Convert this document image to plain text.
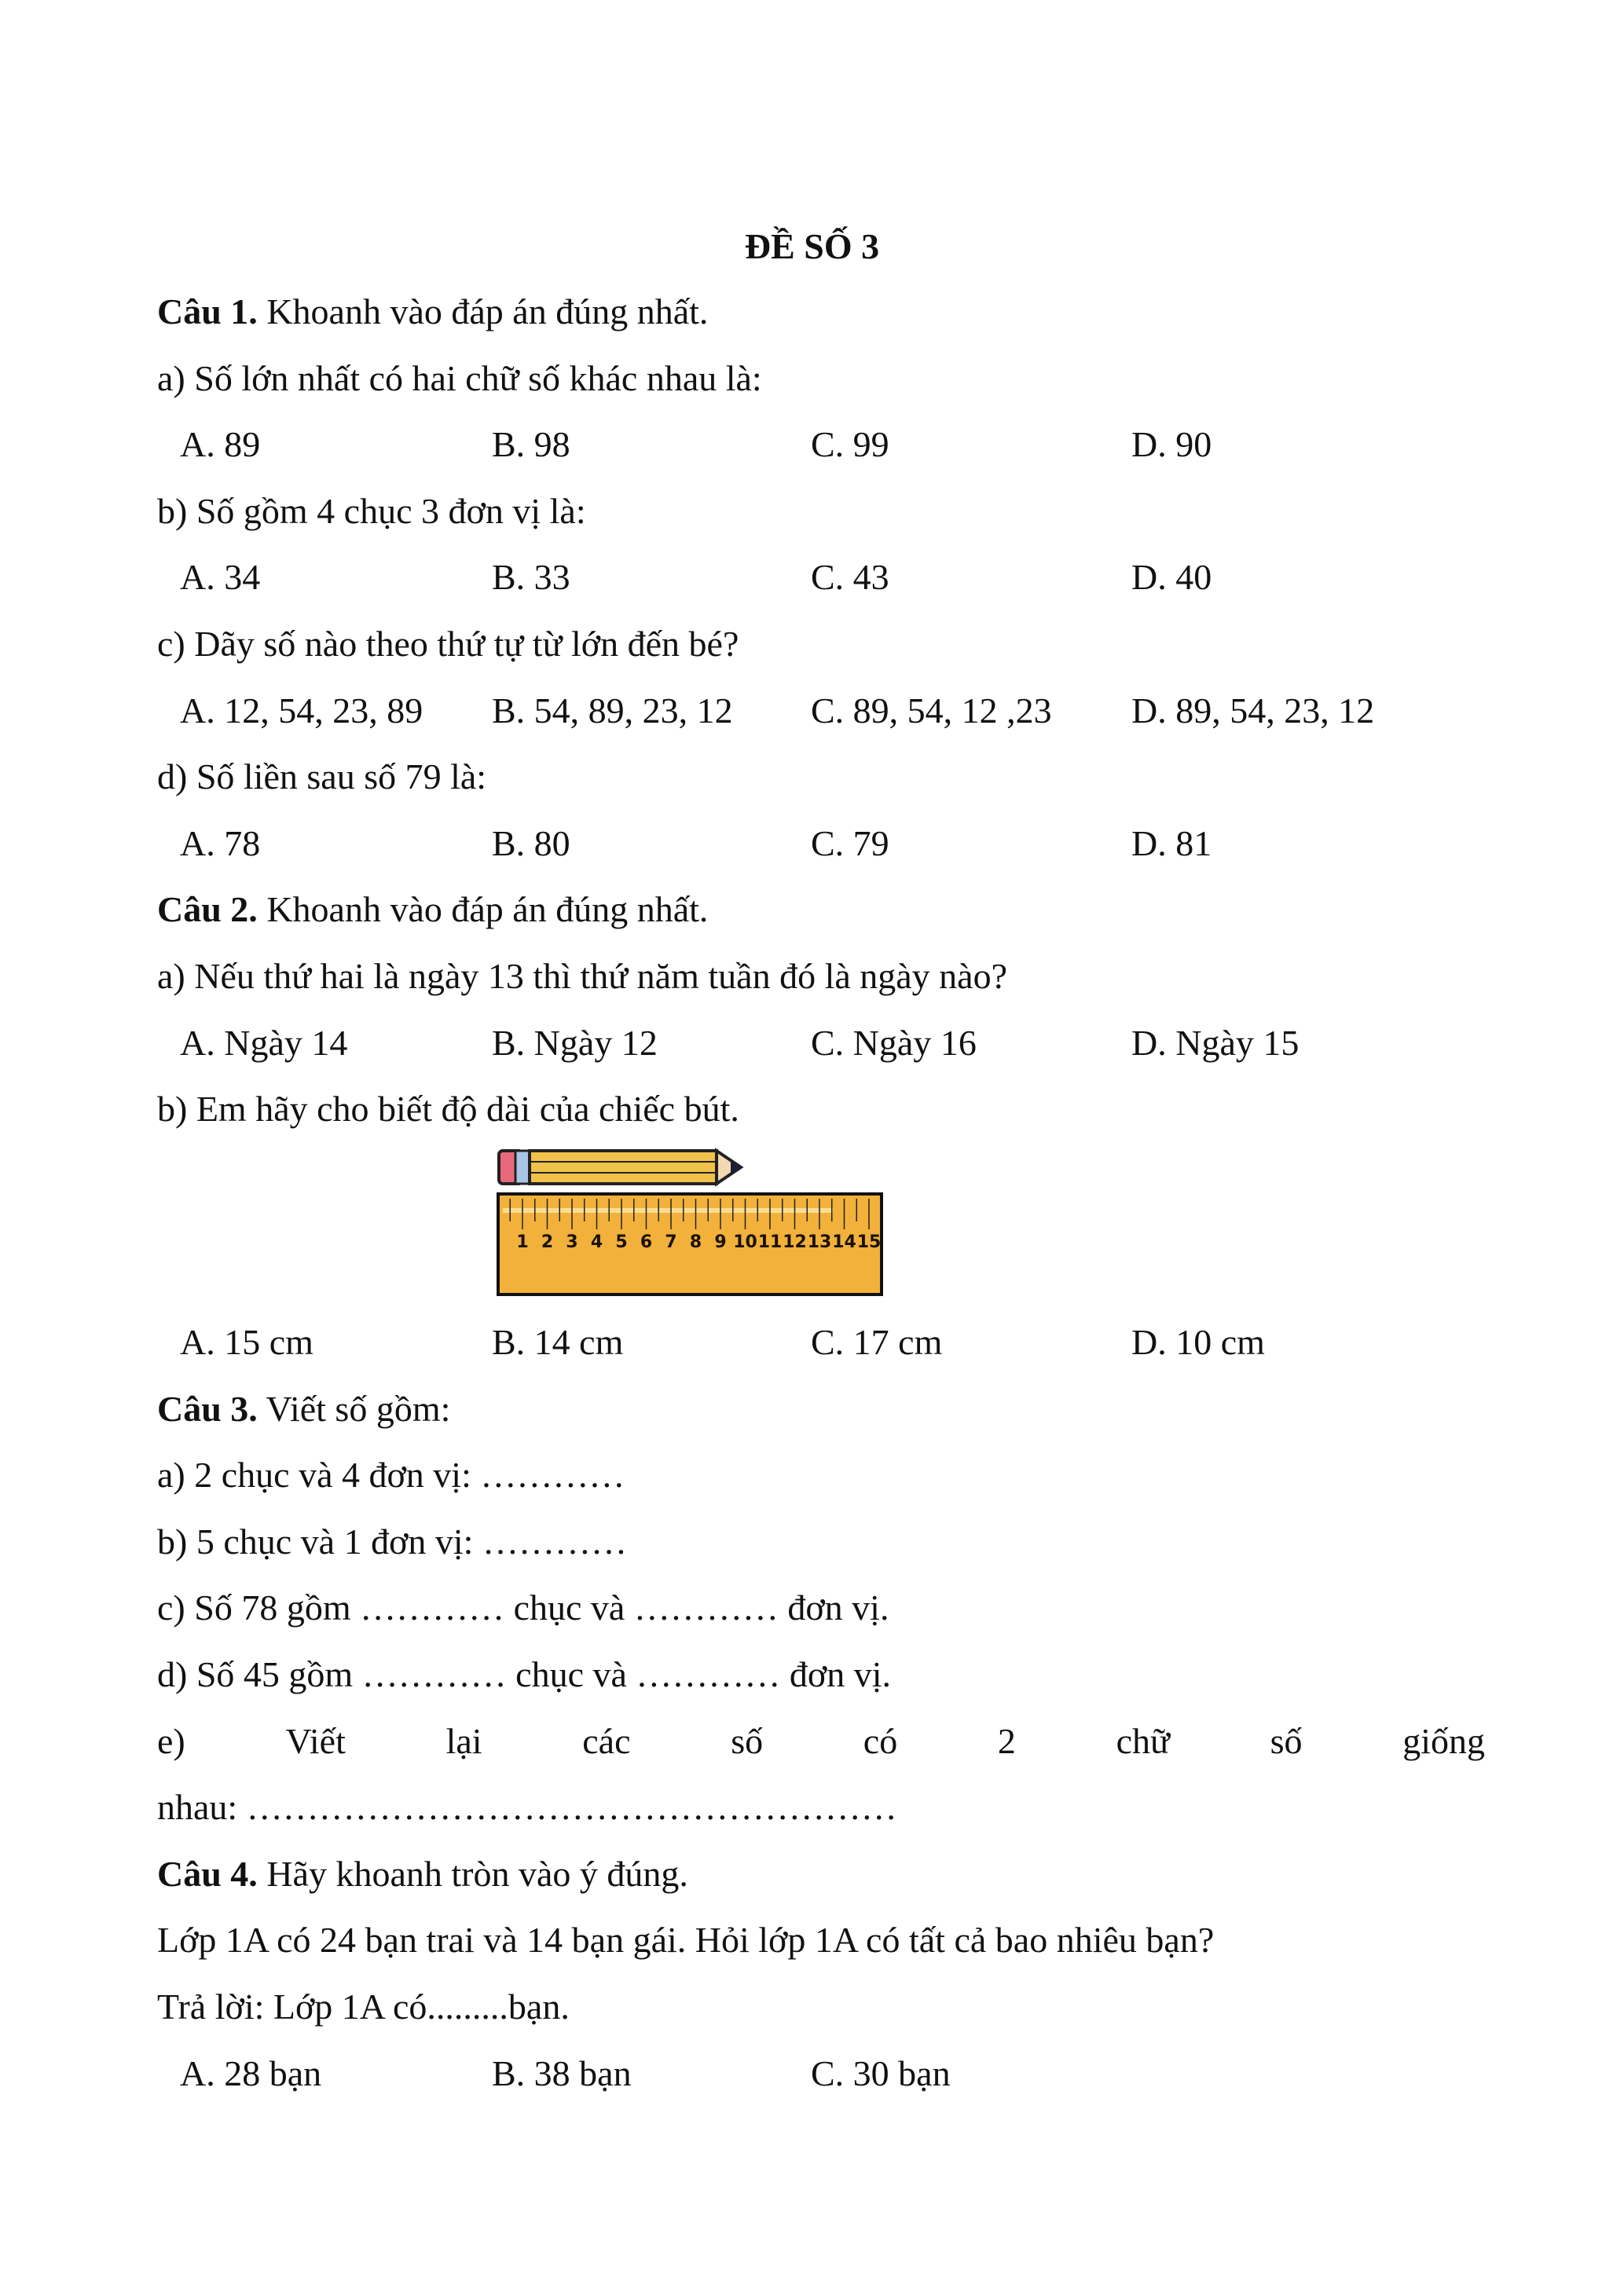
ĐỀ SỐ 3
Câu 1. Khoanh vào đáp án đúng nhất.
a) Số lớn nhất có hai chữ số khác nhau là:
A. 89	B. 98	C. 99	D. 90
b) Số gồm 4 chục 3 đơn vị là:
A. 34	B. 33	C. 43	D. 40
c) Dãy số nào theo thứ tự từ lớn đến bé?
A. 12, 54, 23, 89 B. 54, 89, 23, 12 C. 89, 54, 12 ,23 D. 89, 54, 23, 12
d) Số liền sau số 79 là:
A. 78	B. 80	C. 79	D. 81
Câu 2. Khoanh vào đáp án đúng nhất.
a) Nếu thứ hai là ngày 13 thì thứ năm tuần đó là ngày nào?
A. Ngày 14	B. Ngày 12	C. Ngày 16	D. Ngày 15
b) Em hãy cho biết độ dài của chiếc bút.
1 2 3 4 5 6 7 8 9 10 11 12 13 14 15
A. 15 cm	B. 14 cm	C. 17 cm	D. 10 cm
Câu 3. Viết số gồm:
a) 2 chục và 4 đơn vị: …………
b) 5 chục và 1 đơn vị: …………
c) Số 78 gồm ………… chục và ………… đơn vị.
d) Số 45 gồm ………… chục và ………… đơn vị.
e)	Viết	lại	các	số	có	2	chữ	số	giống
nhau: ………………………………………………
Câu 4. Hãy khoanh tròn vào ý đúng.
Lớp 1A có 24 bạn trai và 14 bạn gái. Hỏi lớp 1A có tất cả bao nhiêu bạn?
Trả lời: Lớp 1A có.........bạn.
A. 28 bạn	B. 38 bạn	C. 30 bạn
